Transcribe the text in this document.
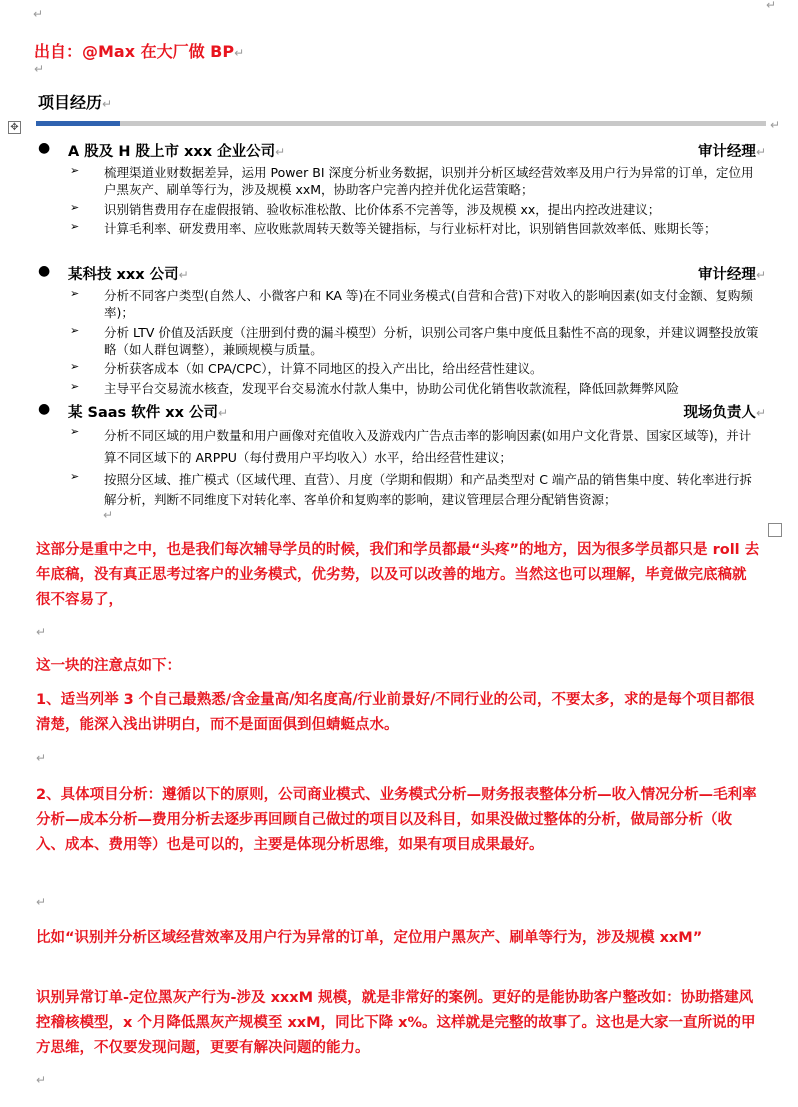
↵
↵
出自：@Max 在大厂做 BP↵
↵
项目经历↵
✥	↵
● A 股及 H 股上市 xxx 企业公司↵	审计经理↵
➢ 梳理渠道业财数据差异，运用 Power BI 深度分析业务数据，识别并分析区域经营效率及用户行为异常的订单，定位用户黑灰产、刷单等行为，涉及规模 xxM，协助客户完善内控并优化运营策略；
➢ 识别销售费用存在虚假报销、验收标准松散、比价体系不完善等，涉及规模 xx，提出内控改进建议；
➢ 计算毛利率、研发费用率、应收账款周转天数等关键指标，与行业标杆对比，识别销售回款效率低、账期长等；
● 某科技 xxx 公司↵	审计经理↵
➢ 分析不同客户类型(自然人、小微客户和 KA 等)在不同业务模式(自营和合营)下对收入的影响因素(如支付金额、复购频率)；
➢ 分析 LTV 价值及活跃度（注册到付费的漏斗模型）分析，识别公司客户集中度低且黏性不高的现象，并建议调整投放策略（如人群包调整），兼顾规模与质量。
➢ 分析获客成本（如 CPA/CPC），计算不同地区的投入产出比，给出经营性建议。
➢ 主导平台交易流水核查，发现平台交易流水付款人集中，协助公司优化销售收款流程，降低回款舞弊风险
● 某 Saas 软件 xx 公司↵	现场负责人↵
➢ 分析不同区域的用户数量和用户画像对充值收入及游戏内广告点击率的影响因素(如用户文化背景、国家区域等)，并计算不同区域下的 ARPPU（每付费用户平均收入）水平，给出经营性建议；
➢ 按照分区域、推广模式（区域代理、直营）、月度（学期和假期）和产品类型对 C 端产品的销售集中度、转化率进行拆解分析，判断不同维度下对转化率、客单价和复购率的影响，建议管理层合理分配销售资源；
↵
这部分是重中之中，也是我们每次辅导学员的时候，我们和学员都最“头疼”的地方，因为很多学员都只是 roll 去年底稿，没有真正思考过客户的业务模式，优劣势，以及可以改善的地方。当然这也可以理解，毕竟做完底稿就很不容易了，
↵
这一块的注意点如下：
1、适当列举 3 个自己最熟悉/含金量高/知名度高/行业前景好/不同行业的公司，不要太多，求的是每个项目都很清楚，能深入浅出讲明白，而不是面面俱到但蜻蜓点水。
↵
2、具体项目分析：遵循以下的原则，公司商业模式、业务模式分析—财务报表整体分析—收入情况分析—毛利率分析—成本分析—费用分析去逐步再回顾自己做过的项目以及科目，如果没做过整体的分析，做局部分析（收入、成本、费用等）也是可以的，主要是体现分析思维，如果有项目成果最好。
↵
比如“识别并分析区域经营效率及用户行为异常的订单，定位用户黑灰产、刷单等行为，涉及规模 xxM”
识别异常订单-定位黑灰产行为-涉及 xxxM 规模，就是非常好的案例。更好的是能协助客户整改如：协助搭建风控稽核模型，x 个月降低黑灰产规模至 xxM，同比下降 x%。这样就是完整的故事了。这也是大家一直所说的甲方思维，不仅要发现问题，更要有解决问题的能力。
↵
